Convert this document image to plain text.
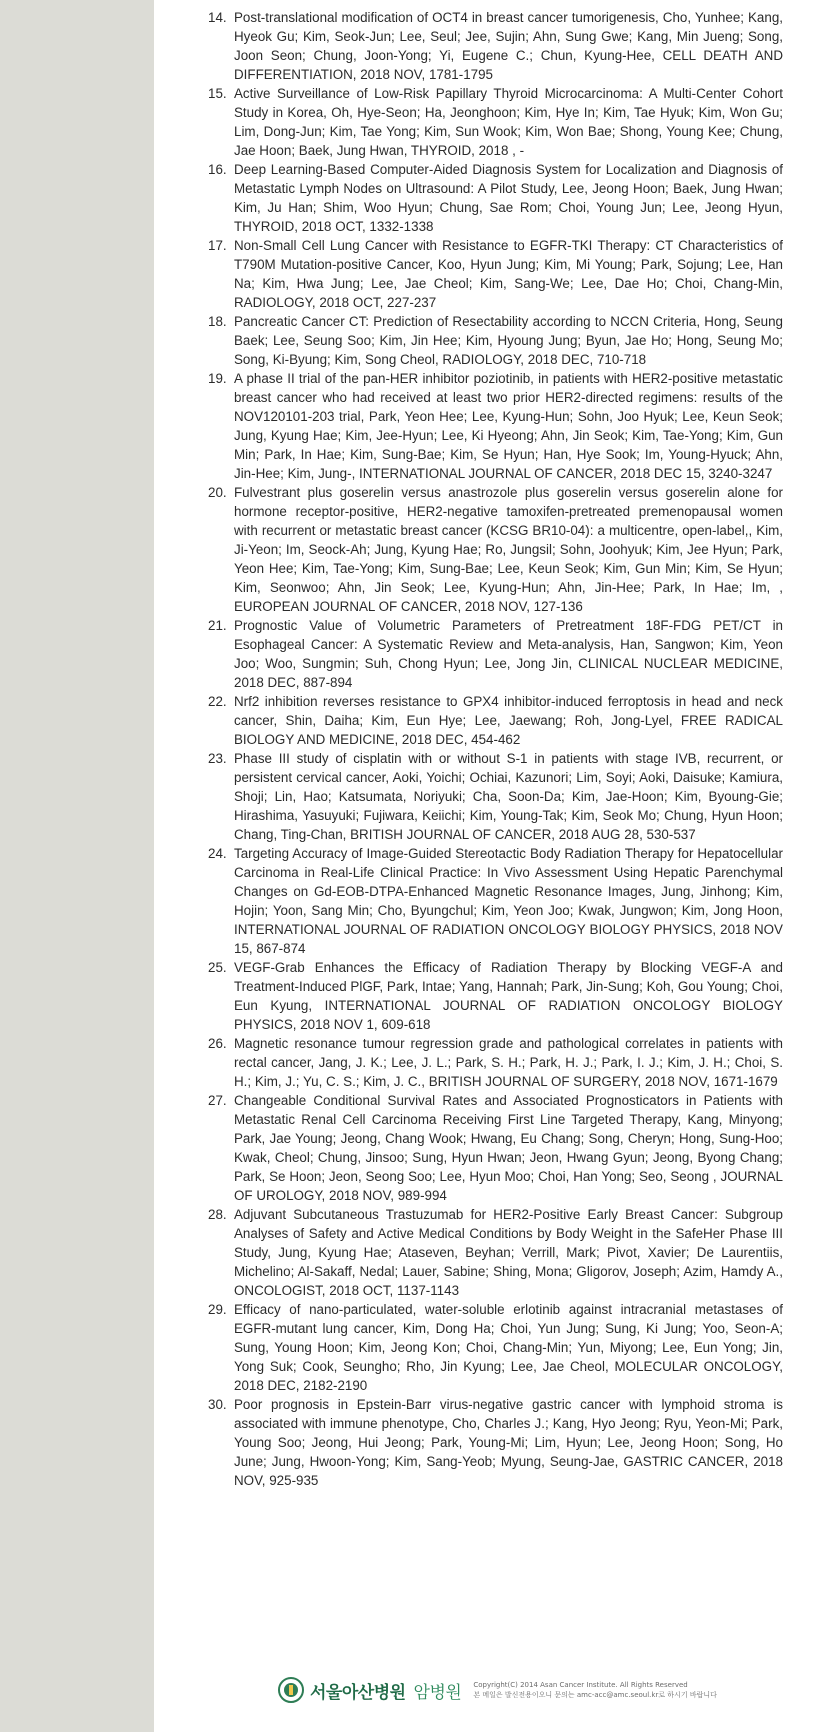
14. Post-translational modification of OCT4 in breast cancer tumorigenesis, Cho, Yunhee; Kang, Hyeok Gu; Kim, Seok-Jun; Lee, Seul; Jee, Sujin; Ahn, Sung Gwe; Kang, Min Jueng; Song, Joon Seon; Chung, Joon-Yong; Yi, Eugene C.; Chun, Kyung-Hee, CELL DEATH AND DIFFERENTIATION, 2018 NOV, 1781-1795
15. Active Surveillance of Low-Risk Papillary Thyroid Microcarcinoma: A Multi-Center Cohort Study in Korea, Oh, Hye-Seon; Ha, Jeonghoon; Kim, Hye In; Kim, Tae Hyuk; Kim, Won Gu; Lim, Dong-Jun; Kim, Tae Yong; Kim, Sun Wook; Kim, Won Bae; Shong, Young Kee; Chung, Jae Hoon; Baek, Jung Hwan, THYROID, 2018 , -
16. Deep Learning-Based Computer-Aided Diagnosis System for Localization and Diagnosis of Metastatic Lymph Nodes on Ultrasound: A Pilot Study, Lee, Jeong Hoon; Baek, Jung Hwan; Kim, Ju Han; Shim, Woo Hyun; Chung, Sae Rom; Choi, Young Jun; Lee, Jeong Hyun, THYROID, 2018 OCT, 1332-1338
17. Non-Small Cell Lung Cancer with Resistance to EGFR-TKI Therapy: CT Characteristics of T790M Mutation-positive Cancer, Koo, Hyun Jung; Kim, Mi Young; Park, Sojung; Lee, Han Na; Kim, Hwa Jung; Lee, Jae Cheol; Kim, Sang-We; Lee, Dae Ho; Choi, Chang-Min, RADIOLOGY, 2018 OCT, 227-237
18. Pancreatic Cancer CT: Prediction of Resectability according to NCCN Criteria, Hong, Seung Baek; Lee, Seung Soo; Kim, Jin Hee; Kim, Hyoung Jung; Byun, Jae Ho; Hong, Seung Mo; Song, Ki-Byung; Kim, Song Cheol, RADIOLOGY, 2018 DEC, 710-718
19. A phase II trial of the pan-HER inhibitor poziotinib, in patients with HER2-positive metastatic breast cancer who had received at least two prior HER2-directed regimens: results of the NOV120101-203 trial, Park, Yeon Hee; Lee, Kyung-Hun; Sohn, Joo Hyuk; Lee, Keun Seok; Jung, Kyung Hae; Kim, Jee-Hyun; Lee, Ki Hyeong; Ahn, Jin Seok; Kim, Tae-Yong; Kim, Gun Min; Park, In Hae; Kim, Sung-Bae; Kim, Se Hyun; Han, Hye Sook; Im, Young-Hyuck; Ahn, Jin-Hee; Kim, Jung-, INTERNATIONAL JOURNAL OF CANCER, 2018 DEC 15, 3240-3247
20. Fulvestrant plus goserelin versus anastrozole plus goserelin versus goserelin alone for hormone receptor-positive, HER2-negative tamoxifen-pretreated premenopausal women with recurrent or metastatic breast cancer (KCSG BR10-04): a multicentre, open-label,, Kim, Ji-Yeon; Im, Seock-Ah; Jung, Kyung Hae; Ro, Jungsil; Sohn, Joohyuk; Kim, Jee Hyun; Park, Yeon Hee; Kim, Tae-Yong; Kim, Sung-Bae; Lee, Keun Seok; Kim, Gun Min; Kim, Se Hyun; Kim, Seonwoo; Ahn, Jin Seok; Lee, Kyung-Hun; Ahn, Jin-Hee; Park, In Hae; Im, , EUROPEAN JOURNAL OF CANCER, 2018 NOV, 127-136
21. Prognostic Value of Volumetric Parameters of Pretreatment 18F-FDG PET/CT in Esophageal Cancer: A Systematic Review and Meta-analysis, Han, Sangwon; Kim, Yeon Joo; Woo, Sungmin; Suh, Chong Hyun; Lee, Jong Jin, CLINICAL NUCLEAR MEDICINE, 2018 DEC, 887-894
22. Nrf2 inhibition reverses resistance to GPX4 inhibitor-induced ferroptosis in head and neck cancer, Shin, Daiha; Kim, Eun Hye; Lee, Jaewang; Roh, Jong-Lyel, FREE RADICAL BIOLOGY AND MEDICINE, 2018 DEC, 454-462
23. Phase III study of cisplatin with or without S-1 in patients with stage IVB, recurrent, or persistent cervical cancer, Aoki, Yoichi; Ochiai, Kazunori; Lim, Soyi; Aoki, Daisuke; Kamiura, Shoji; Lin, Hao; Katsumata, Noriyuki; Cha, Soon-Da; Kim, Jae-Hoon; Kim, Byoung-Gie; Hirashima, Yasuyuki; Fujiwara, Keiichi; Kim, Young-Tak; Kim, Seok Mo; Chung, Hyun Hoon; Chang, Ting-Chan, BRITISH JOURNAL OF CANCER, 2018 AUG 28, 530-537
24. Targeting Accuracy of Image-Guided Stereotactic Body Radiation Therapy for Hepatocellular Carcinoma in Real-Life Clinical Practice: In Vivo Assessment Using Hepatic Parenchymal Changes on Gd-EOB-DTPA-Enhanced Magnetic Resonance Images, Jung, Jinhong; Kim, Hojin; Yoon, Sang Min; Cho, Byungchul; Kim, Yeon Joo; Kwak, Jungwon; Kim, Jong Hoon, INTERNATIONAL JOURNAL OF RADIATION ONCOLOGY BIOLOGY PHYSICS, 2018 NOV 15, 867-874
25. VEGF-Grab Enhances the Efficacy of Radiation Therapy by Blocking VEGF-A and Treatment-Induced PlGF, Park, Intae; Yang, Hannah; Park, Jin-Sung; Koh, Gou Young; Choi, Eun Kyung, INTERNATIONAL JOURNAL OF RADIATION ONCOLOGY BIOLOGY PHYSICS, 2018 NOV 1, 609-618
26. Magnetic resonance tumour regression grade and pathological correlates in patients with rectal cancer, Jang, J. K.; Lee, J. L.; Park, S. H.; Park, H. J.; Park, I. J.; Kim, J. H.; Choi, S. H.; Kim, J.; Yu, C. S.; Kim, J. C., BRITISH JOURNAL OF SURGERY, 2018 NOV, 1671-1679
27. Changeable Conditional Survival Rates and Associated Prognosticators in Patients with Metastatic Renal Cell Carcinoma Receiving First Line Targeted Therapy, Kang, Minyong; Park, Jae Young; Jeong, Chang Wook; Hwang, Eu Chang; Song, Cheryn; Hong, Sung-Hoo; Kwak, Cheol; Chung, Jinsoo; Sung, Hyun Hwan; Jeon, Hwang Gyun; Jeong, Byong Chang; Park, Se Hoon; Jeon, Seong Soo; Lee, Hyun Moo; Choi, Han Yong; Seo, Seong , JOURNAL OF UROLOGY, 2018 NOV, 989-994
28. Adjuvant Subcutaneous Trastuzumab for HER2-Positive Early Breast Cancer: Subgroup Analyses of Safety and Active Medical Conditions by Body Weight in the SafeHer Phase III Study, Jung, Kyung Hae; Ataseven, Beyhan; Verrill, Mark; Pivot, Xavier; De Laurentiis, Michelino; Al-Sakaff, Nedal; Lauer, Sabine; Shing, Mona; Gligorov, Joseph; Azim, Hamdy A., ONCOLOGIST, 2018 OCT, 1137-1143
29. Efficacy of nano-particulated, water-soluble erlotinib against intracranial metastases of EGFR-mutant lung cancer, Kim, Dong Ha; Choi, Yun Jung; Sung, Ki Jung; Yoo, Seon-A; Sung, Young Hoon; Kim, Jeong Kon; Choi, Chang-Min; Yun, Miyong; Lee, Eun Yong; Jin, Yong Suk; Cook, Seungho; Rho, Jin Kyung; Lee, Jae Cheol, MOLECULAR ONCOLOGY, 2018 DEC, 2182-2190
30. Poor prognosis in Epstein-Barr virus-negative gastric cancer with lymphoid stroma is associated with immune phenotype, Cho, Charles J.; Kang, Hyo Jeong; Ryu, Yeon-Mi; Park, Young Soo; Jeong, Hui Jeong; Park, Young-Mi; Lim, Hyun; Lee, Jeong Hoon; Song, Ho June; Jung, Hwoon-Yong; Kim, Sang-Yeob; Myung, Seung-Jae, GASTRIC CANCER, 2018 NOV, 925-935
서울아산병원 암병원 Copyright(C) 2014 Asan Cancer Institute. All Rights Reserved
본 메일은 발신전용이오니 문의는 amc-acc@amc.seoul.kr로 하시기 바랍니다
